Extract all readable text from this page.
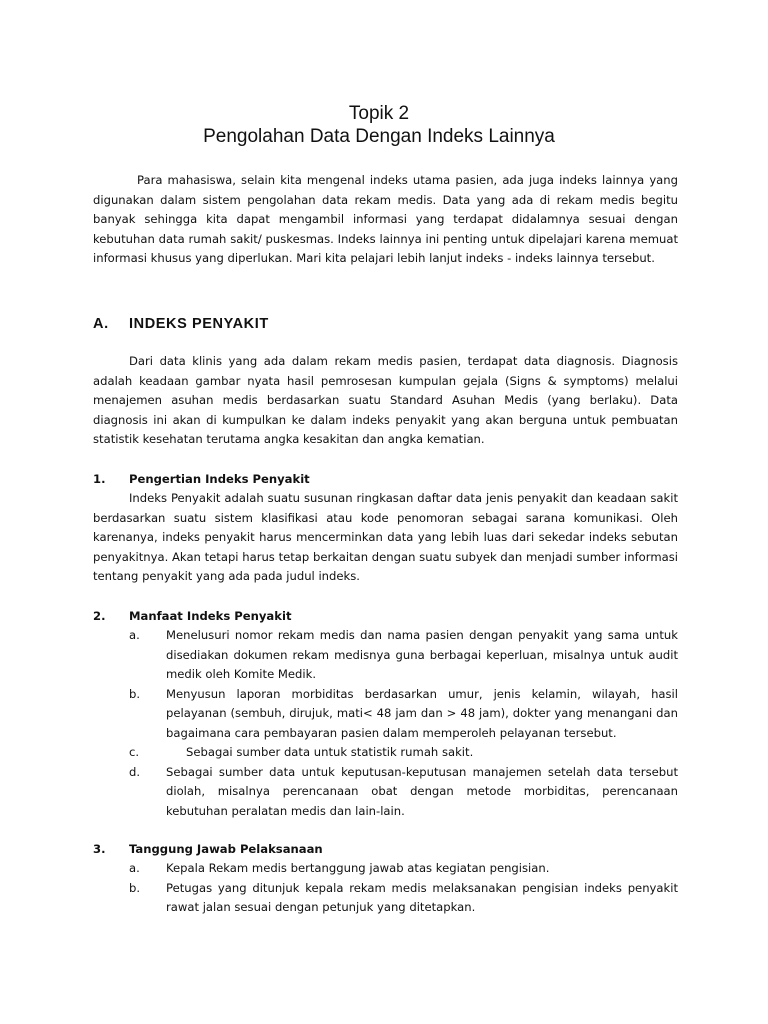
Topik 2
Pengolahan Data Dengan Indeks Lainnya

Para mahasiswa, selain kita mengenal indeks utama pasien, ada juga indeks lainnya yang digunakan dalam sistem pengolahan data rekam medis. Data yang ada di rekam medis begitu banyak sehingga kita dapat mengambil informasi yang terdapat didalamnya sesuai dengan kebutuhan data rumah sakit/ puskesmas. Indeks lainnya ini penting untuk dipelajari karena memuat informasi khusus yang diperlukan. Mari kita pelajari lebih lanjut indeks - indeks lainnya tersebut.

A. INDEKS PENYAKIT

Dari data klinis yang ada dalam rekam medis pasien, terdapat data diagnosis. Diagnosis adalah keadaan gambar nyata hasil pemrosesan kumpulan gejala (Signs & symptoms) melalui menajemen asuhan medis berdasarkan suatu Standard Asuhan Medis (yang berlaku). Data diagnosis ini akan di kumpulkan ke dalam indeks penyakit yang akan berguna untuk pembuatan statistik kesehatan terutama angka kesakitan dan angka kematian.

1. Pengertian Indeks Penyakit

Indeks Penyakit adalah suatu susunan ringkasan daftar data jenis penyakit dan keadaan sakit berdasarkan suatu sistem klasifikasi atau kode penomoran sebagai sarana komunikasi. Oleh karenanya, indeks penyakit harus mencerminkan data yang lebih luas dari sekedar indeks sebutan penyakitnya. Akan tetapi harus tetap berkaitan dengan suatu subyek dan menjadi sumber informasi tentang penyakit yang ada pada judul indeks.

2. Manfaat Indeks Penyakit
a. Menelusuri nomor rekam medis dan nama pasien dengan penyakit yang sama untuk disediakan dokumen rekam medisnya guna berbagai keperluan, misalnya untuk audit medik oleh Komite Medik.
b. Menyusun laporan morbiditas berdasarkan umur, jenis kelamin, wilayah, hasil pelayanan (sembuh, dirujuk, mati< 48 jam dan > 48 jam), dokter yang menangani dan bagaimana cara pembayaran pasien dalam memperoleh pelayanan tersebut.
c.	Sebagai sumber data untuk statistik rumah sakit.
d. Sebagai sumber data untuk keputusan-keputusan manajemen setelah data tersebut diolah, misalnya perencanaan obat dengan metode morbiditas, perencanaan kebutuhan peralatan medis dan lain-lain.
3. Tanggung Jawab Pelaksanaan
a. Kepala Rekam medis bertanggung jawab atas kegiatan pengisian.
b. Petugas yang ditunjuk kepala rekam medis melaksanakan pengisian indeks penyakit rawat jalan sesuai dengan petunjuk yang ditetapkan.
